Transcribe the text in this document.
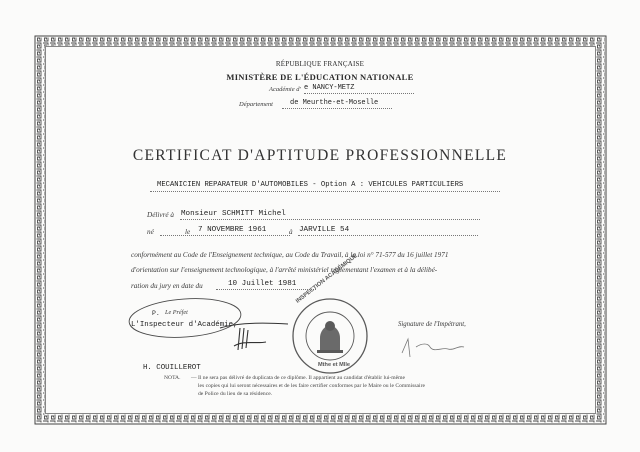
RÉPUBLIQUE FRANÇAISE
MINISTÈRE DE L'ÉDUCATION NATIONALE
Académie d' e NANCY-METZ
Département de Meurthe-et-Moselle
CERTIFICAT D'APTITUDE PROFESSIONNELLE
MECANICIEN REPARATEUR D'AUTOMOBILES - Option A : VEHICULES PARTICULIERS
Délivré à Monsieur SCHMITT Michel
né	le 7 NOVEMBRE 1961	à JARVILLE 54
conformément au Code de l'Enseignement technique, au Code du Travail, à la loi n° 71-577 du 16 juillet 1971
d'orientation sur l'enseignement technologique, à l'arrêté ministériel réglementant l'examen et à la délibé-
ration du jury en date du	10 Juillet 1981
P. Le Préfet
L'Inspecteur d'Académie,
H. COUILLEROT
INSPECTION ACADÉMIQUE
Mthe et Mlle
Signature de l'Impétrant,
NOTA. — Il ne sera pas délivré de duplicata de ce diplôme. Il appartient au candidat d'établir lui-même
les copies qui lui seront nécessaires et de les faire certifier conformes par le Maire ou le Commissaire
de Police du lieu de sa résidence.
